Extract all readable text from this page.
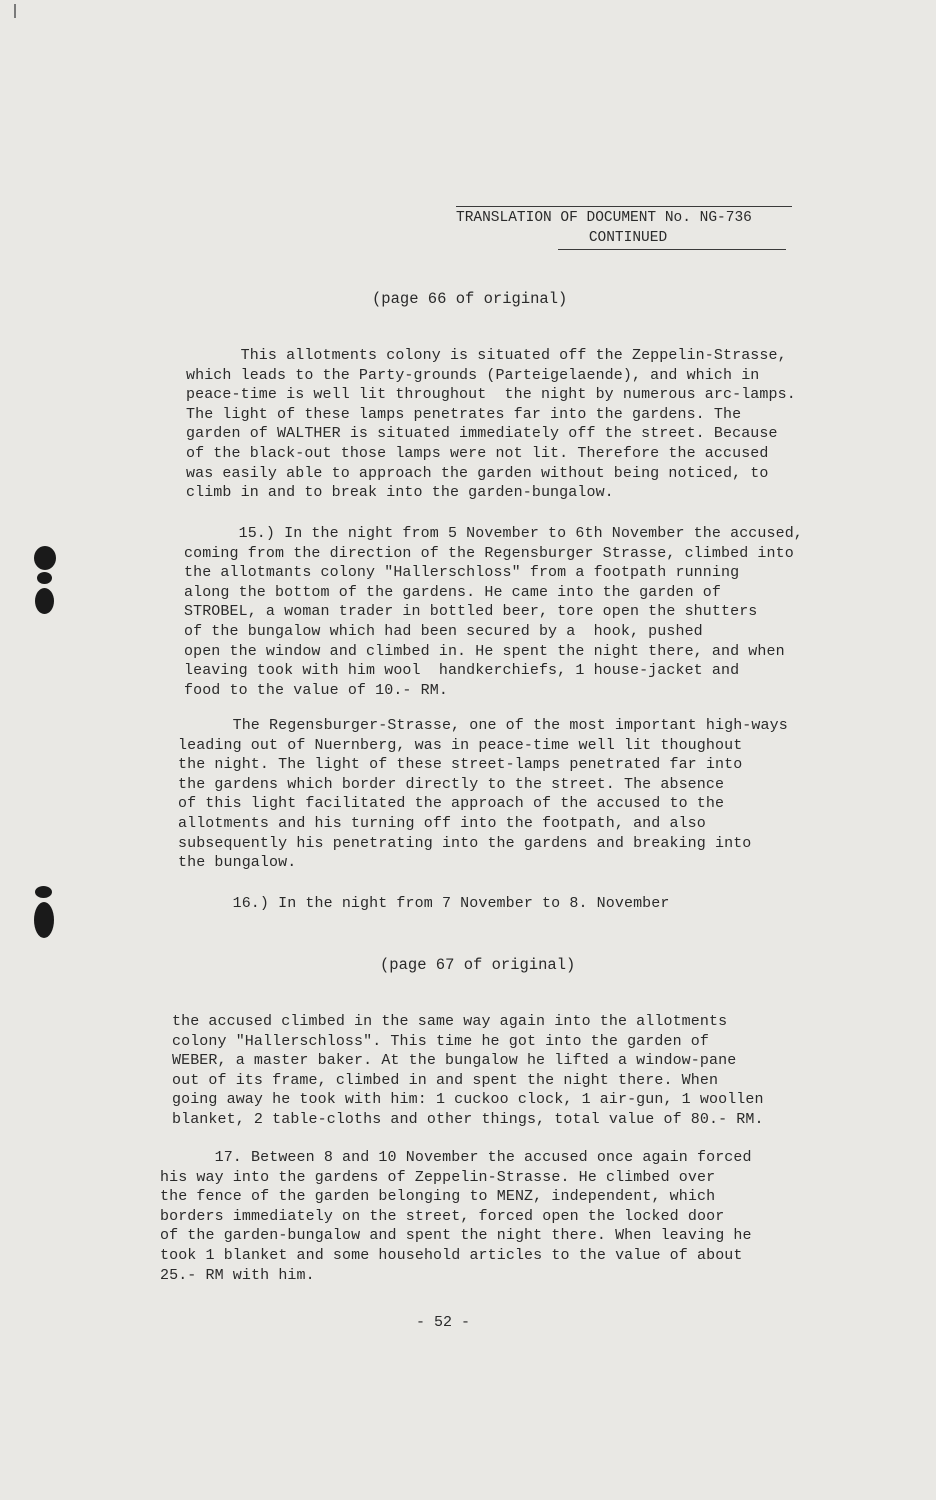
TRANSLATION OF DOCUMENT No. NG-736
CONTINUED
(page 66 of original)
This allotments colony is situated off the Zeppelin-Strasse,
which leads to the Party-grounds (Parteigelaende), and which in
peace-time is well lit throughout  the night by numerous arc-lamps.
The light of these lamps penetrates far into the gardens. The
garden of WALTHER is situated immediately off the street. Because
of the black-out those lamps were not lit. Therefore the accused
was easily able to approach the garden without being noticed, to
climb in and to break into the garden-bungalow.
15.) In the night from 5 November to 6th November the accused,
coming from the direction of the Regensburger Strasse, climbed into
the allotmants colony "Hallerschloss" from a footpath running
along the bottom of the gardens. He came into the garden of
STROBEL, a woman trader in bottled beer, tore open the shutters
of the bungalow which had been secured by a  hook, pushed
open the window and climbed in. He spent the night there, and when
leaving took with him wool  handkerchiefs, 1 house-jacket and
food to the value of 10.- RM.
The Regensburger-Strasse, one of the most important high-ways
leading out of Nuernberg, was in peace-time well lit thoughout
the night. The light of these street-lamps penetrated far into
the gardens which border directly to the street. The absence
of this light facilitated the approach of the accused to the
allotments and his turning off into the footpath, and also
subsequently his penetrating into the gardens and breaking into
the bungalow.
16.) In the night from 7 November to 8. November
(page 67 of original)
the accused climbed in the same way again into the allotments
colony "Hallerschloss". This time he got into the garden of
WEBER, a master baker. At the bungalow he lifted a window-pane
out of its frame, climbed in and spent the night there. When
going away he took with him: 1 cuckoo clock, 1 air-gun, 1 woollen
blanket, 2 table-cloths and other things, total value of 80.- RM.
17. Between 8 and 10 November the accused once again forced
his way into the gardens of Zeppelin-Strasse. He climbed over
the fence of the garden belonging to MENZ, independent, which
borders immediately on the street, forced open the locked door
of the garden-bungalow and spent the night there. When leaving he
took 1 blanket and some household articles to the value of about
25.- RM with him.
- 52 -
